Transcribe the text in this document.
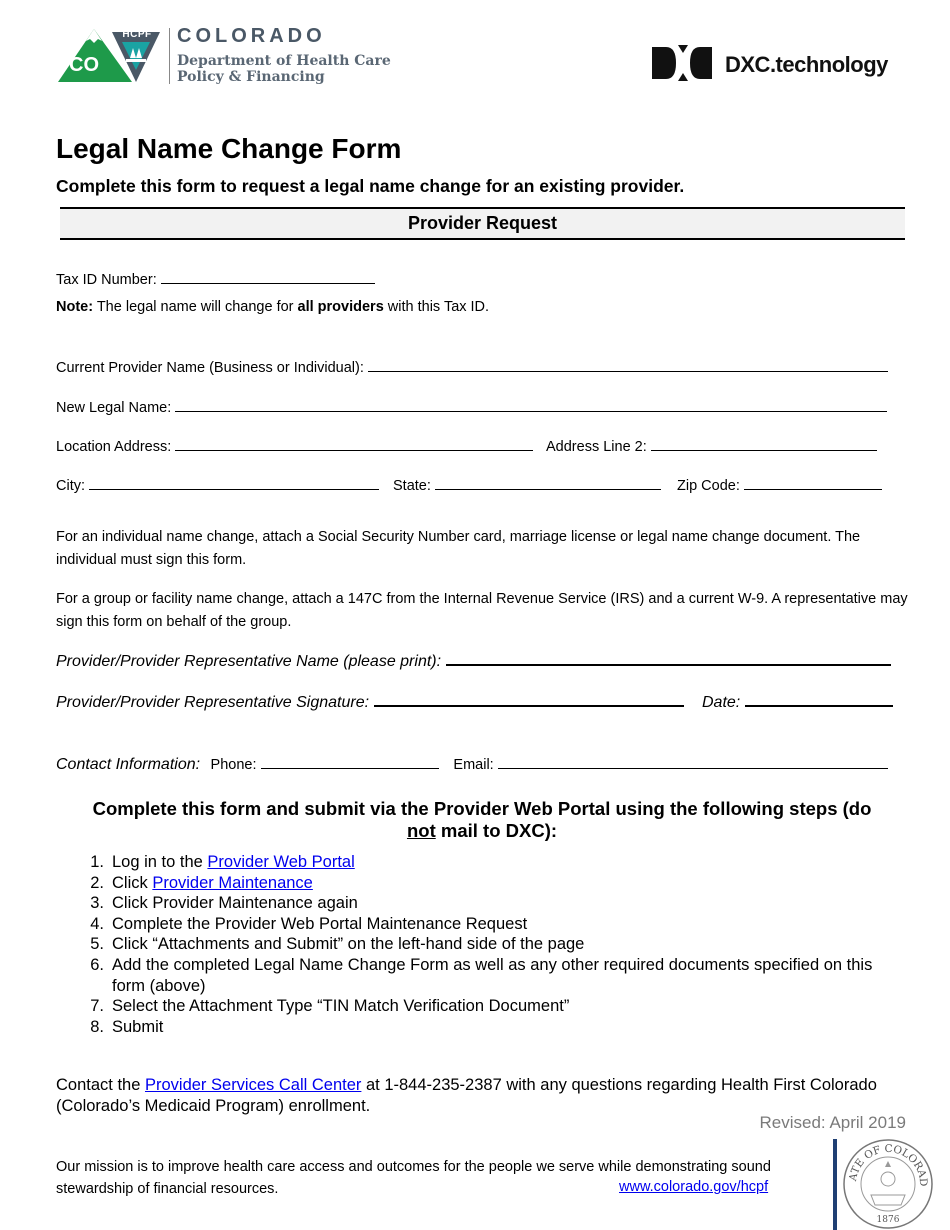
HCPF
CO
COLORADO
Department of Health Care
Policy & Financing	DXC.technology
Legal Name Change Form
Complete this form to request a legal name change for an existing provider.
Provider Request
Tax ID Number:
Note: The legal name will change for all providers with this Tax ID.
Current Provider Name (Business or Individual):
New Legal Name:
Location Address:	Address Line 2:
City:	State:	Zip Code:
For an individual name change, attach a Social Security Number card, marriage license or legal name change document. The individual must sign this form.
For a group or facility name change, attach a 147C from the Internal Revenue Service (IRS) and a current W-9. A representative may sign this form on behalf of the group.
Provider/Provider Representative Name (please print):
Provider/Provider Representative Signature:	Date:
Contact Information: Phone:	Email:
Complete this form and submit via the Provider Web Portal using the following steps (do
not mail to DXC):
1. Log in to the Provider Web Portal
2. Click Provider Maintenance
3. Click Provider Maintenance again
4. Complete the Provider Web Portal Maintenance Request
5. Click “Attachments and Submit” on the left-hand side of the page
6. Add the completed Legal Name Change Form as well as any other required documents specified on this form (above)
7. Select the Attachment Type “TIN Match Verification Document”
8. Submit
Contact the Provider Services Call Center at 1-844-235-2387 with any questions regarding Health First Colorado (Colorado’s Medicaid Program) enrollment.
Revised: April 2019
Our mission is to improve health care access and outcomes for the people we serve while demonstrating sound stewardship of financial resources.	www.colorado.gov/hcpf
ATE OF COLORAD
1876
